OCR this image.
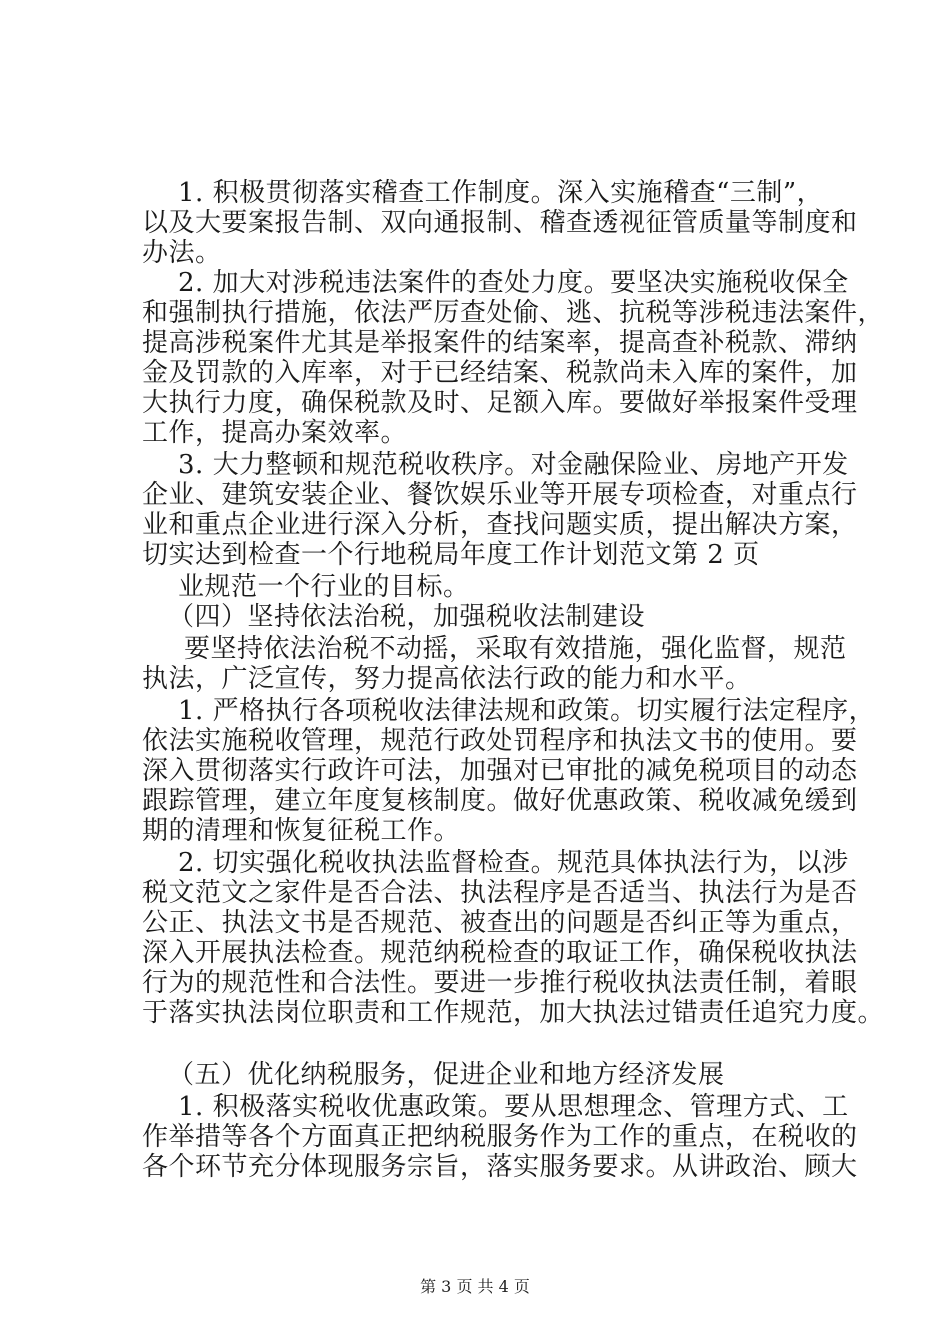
1. 积极贯彻落实稽查工作制度。深入实施稽查“三制”，
以及大要案报告制、双向通报制、稽查透视征管质量等制度和
办法。
2. 加大对涉税违法案件的查处力度。要坚决实施税收保全
和强制执行措施，依法严厉查处偷、逃、抗税等涉税违法案件，
提高涉税案件尤其是举报案件的结案率，提高查补税款、滞纳
金及罚款的入库率，对于已经结案、税款尚未入库的案件，加
大执行力度，确保税款及时、足额入库。要做好举报案件受理
工作，提高办案效率。
3. 大力整顿和规范税收秩序。对金融保险业、房地产开发
企业、建筑安装企业、餐饮娱乐业等开展专项检查，对重点行
业和重点企业进行深入分析，查找问题实质，提出解决方案，
切实达到检查一个行地税局年度工作计划范文第 2 页
业规范一个行业的目标。
（四）坚持依法治税，加强税收法制建设
要坚持依法治税不动摇，采取有效措施，强化监督，规范
执法，广泛宣传，努力提高依法行政的能力和水平。
1. 严格执行各项税收法律法规和政策。切实履行法定程序，
依法实施税收管理，规范行政处罚程序和执法文书的使用。要
深入贯彻落实行政许可法，加强对已审批的减免税项目的动态
跟踪管理，建立年度复核制度。做好优惠政策、税收减免缓到
期的清理和恢复征税工作。
2. 切实强化税收执法监督检查。规范具体执法行为，以涉
税文范文之家件是否合法、执法程序是否适当、执法行为是否
公正、执法文书是否规范、被查出的问题是否纠正等为重点，
深入开展执法检查。规范纳税检查的取证工作，确保税收执法
行为的规范性和合法性。要进一步推行税收执法责任制，着眼
于落实执法岗位职责和工作规范，加大执法过错责任追究力度。
（五）优化纳税服务，促进企业和地方经济发展
1. 积极落实税收优惠政策。要从思想理念、管理方式、工
作举措等各个方面真正把纳税服务作为工作的重点，在税收的
各个环节充分体现服务宗旨，落实服务要求。从讲政治、顾大
第 3 页 共 4 页
